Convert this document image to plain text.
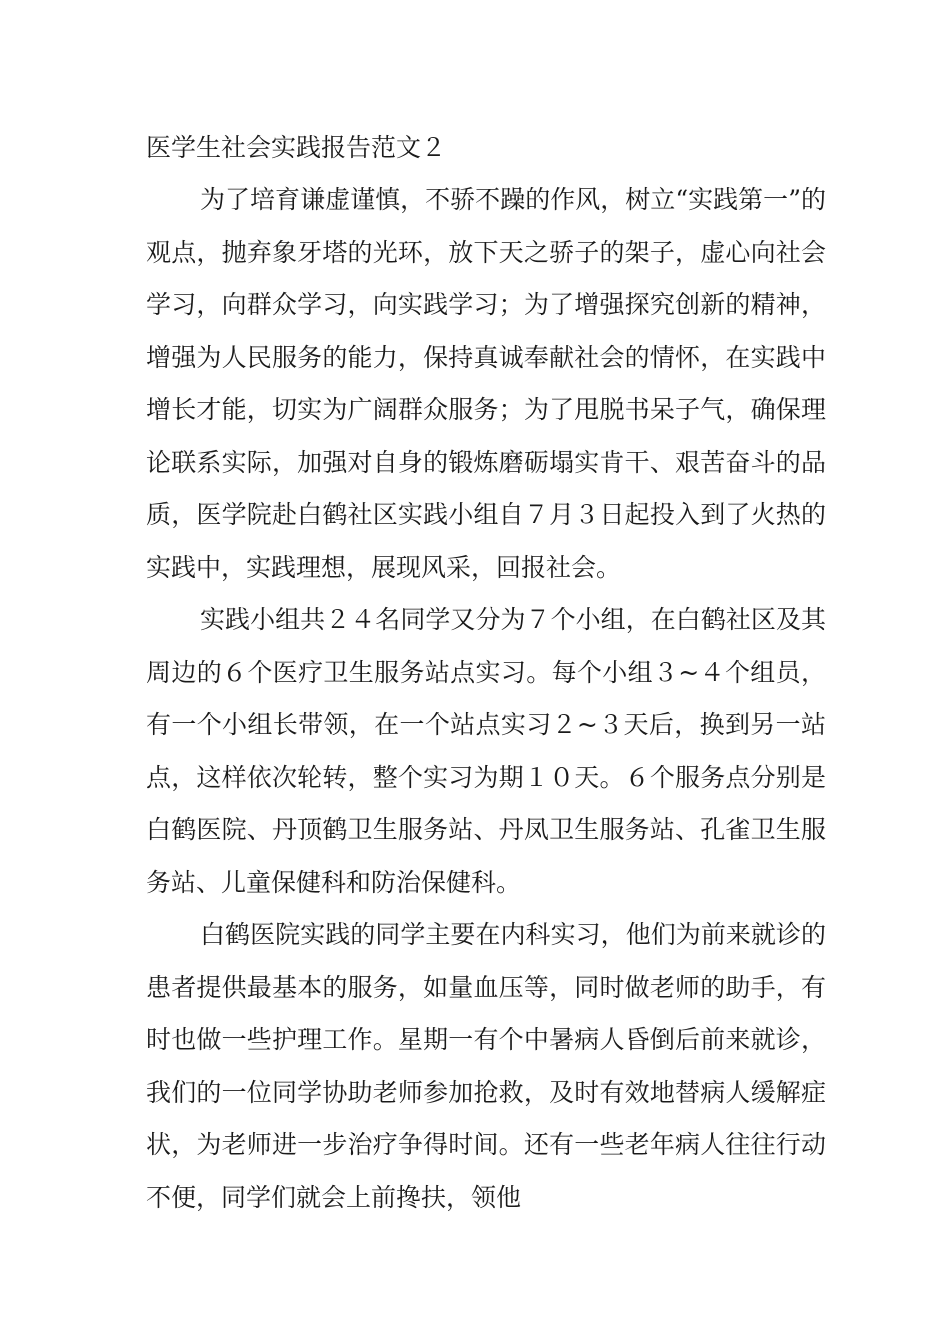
医学生社会实践报告范文２

为了培育谦虚谨慎，不骄不躁的作风，树立“实践第一”的观点，抛弃象牙塔的光环，放下天之骄子的架子，虚心向社会学习，向群众学习，向实践学习；为了增强探究创新的精神，增强为人民服务的能力，保持真诚奉献社会的情怀，在实践中增长才能，切实为广阔群众服务；为了甩脱书呆子气，确保理论联系实际，加强对自身的锻炼磨砺塌实肯干、艰苦奋斗的品质，医学院赴白鹤社区实践小组自７月３日起投入到了火热的实践中，实践理想，展现风采，回报社会。

实践小组共２４名同学又分为７个小组，在白鹤社区及其周边的６个医疗卫生服务站点实习。每个小组３~４个组员，有一个小组长带领，在一个站点实习２~３天后，换到另一站点，这样依次轮转，整个实习为期１０天。６个服务点分别是白鹤医院、丹顶鹤卫生服务站、丹凤卫生服务站、孔雀卫生服务站、儿童保健科和防治保健科。

白鹤医院实践的同学主要在内科实习，他们为前来就诊的患者提供最基本的服务，如量血压等，同时做老师的助手，有时也做一些护理工作。星期一有个中暑病人昏倒后前来就诊，我们的一位同学协助老师参加抢救，及时有效地替病人缓解症状，为老师进一步治疗争得时间。还有一些老年病人往往行动不便，同学们就会上前搀扶，领他
